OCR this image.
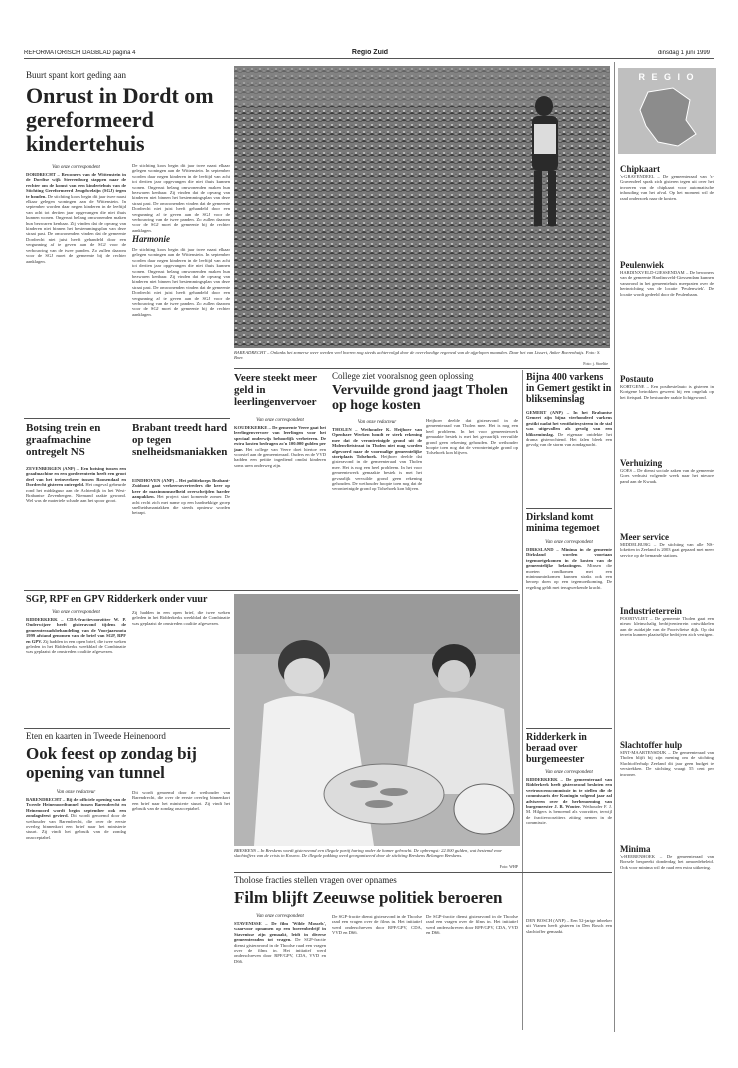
REFORMATORISCH DAGBLAD pagina 4	Regio Zuid	dinsdag 1 juni 1999
Buurt spant kort geding aan
Onrust in Dordt om gereformeerd kindertehuis
Van onze correspondent
DORDRECHT – Bewoners van de Wittenstein in de Dordtse wijk Sterrenburg stappen naar de rechter om de komst van een kindertehuis van de Stichting Gereformeerd Jeugdwelzijn (SGJ) tegen te houden. De stichting koos begin dit jaar twee naast elkaar gelegen woningen aan de Wittenstein. In september worden daar negen kinderen in de leeftijd van acht tot dertien jaar opgevangen die niet thuis kunnen wonen. Ongerust belang omwonenden maken hun bezwaren kenbaar. Zij vinden dat de opvang van kinderen niet binnen het bestemmingsplan van deze straat past. De omwonenden vinden dat de gemeente Dordrecht niet juist heeft gehandeld door een vergunning af te geven aan de SGJ voor de verbouwing van de twee panden. Zo zullen daarom voor de SGJ moet de gemeente bij de rechter aanklagen.
De stichting koos begin dit jaar twee naast elkaar gelegen woningen aan de Wittenstein. In september worden daar negen kinderen in de leeftijd van acht tot dertien jaar opgevangen die niet thuis kunnen wonen. Ongerust belang omwonenden maken hun bezwaren kenbaar. Zij vinden dat de opvang van kinderen niet binnen het bestemmingsplan van deze straat past. De omwonenden vinden dat de gemeente Dordrecht niet juist heeft gehandeld door een vergunning af te geven aan de SGJ voor de verbouwing van de twee panden. Zo zullen daarom voor de SGJ moet de gemeente bij de rechter aanklagen.
Harmonie
De stichting koos begin dit jaar twee naast elkaar gelegen woningen aan de Wittenstein. In september worden daar negen kinderen in de leeftijd van acht tot dertien jaar opgevangen die niet thuis kunnen wonen. Ongerust belang omwonenden maken hun bezwaren kenbaar. Zij vinden dat de opvang van kinderen niet binnen het bestemmingsplan van deze straat past. De omwonenden vinden dat de gemeente Dordrecht niet juist heeft gehandeld door een vergunning af te geven aan de SGJ voor de verbouwing van de twee panden. Zo zullen daarom voor de SGJ moet de gemeente bij de rechter aanklagen.
BAREADRECHT – Onlanks het zomerse weer werden veel boeren nog steeds achtervolgd door de overvloedige regenval van de afgelopen maanden. Daar het van Lissert, Anker Boerenhuijs. Foto: S. Boer.
Foto: j. Stoeltie
R E G I O
Chipkaart
's-GRAVENDEEL – De gemeenteraad van 's-Gravendeel sprak zich gisteren tegen uit over het invoeren van de chipkaart voor automatische inhouding van het afval. Op het moment wil de raad onderzoek naar de kosten.
Peulenwiek
HARDINXVELD-GIESSENDAM – De bewoners van de gemeente Hardinxveld-Giessendam kunnen vanavond in het gemeentehuis meepraten over de herinrichting van de locatie 'Peulenwiek'. De locatie wordt gedeeld door de Peulenbaan.
Postauto
KORTGENE – Een postbestelauto is gisteren in Kortgene betrokken geweest bij een ongeluk op het fietspad. De bestuurder raakte lichtgewond.
Verhuizing
GOES – De dienst sociale zaken van de gemeente Goes verhuist volgende week naar het nieuwe pand aan de Kwaak.
Meer service
MIDDELBURG – De stichting van alle NS-loketten in Zeeland is 2003 gaat gepaard met meer service op de bemande stations.
Industrieterrein
POORTVLIET – De gemeente Tholen gaat een nieuw kleinschalig bedrijventerrein ontwikkelen aan de zuidzijde van de Poortvlietse dijk. Op dat terrein kunnen plaatselijke bedrijven zich vestigen.
Slachtoffer hulp
SINT-MAARTENSDIJK – De gemeenteraad van Tholen blijft bij zijn mening om de stichting Slachtofferhulp Zeeland dit jaar geen budget te verstrekken. De stichting vraagt 55 cent per inwoner.
Minima
's-HEERENHOEK – De gemeenteraad van Borsele bespreekt donderdag het armoedebeleid. Ook voor minima wil de raad een extra uitkering.
Veere steekt meer geld in leerlingenvervoer
Van onze correspondent
KOUDEKERKE – De gemeente Veere gaat het leerlingenvervoer van leerlingen voor het speciaal onderwijs behoorlijk verbeteren. De extra kosten bedragen zo'n 100.000 gulden per jaar. Het college van Veere doet hiertoe een voorstel aan de gemeenteraad. Ouders en de VVD hadden een petitie ingediend omdat kinderen soms uren onderweg zijn.
College ziet vooralsnog geen oplossing
Vervuilde grond jaagt Tholen op hoge kosten
Van onze redacteur
THOLEN – Wethouder K. Heijboer van Openbare Werken houdt er sterk rekening mee dat de verontreinigde grond uit de Molenvlietstraat in Tholen niet mag worden afgevoerd naar de voormalige gemeentelijke stortplaats Tolsehoek. Heijboer deelde dat gisteravond in de gemeenteraad van Tholen mee. Het is nog een heel probleem. In het voor gemeentewerk gemaakte bestek is met het gevaarlijk vervuilde grond geen rekening gehouden. De wethouder hoopte toen nog dat de verontreinigde grond op Tolsehoek kon blijven.
Heijboer deelde dat gisteravond in de gemeenteraad van Tholen mee. Het is nog een heel probleem. In het voor gemeentewerk gemaakte bestek is met het gevaarlijk vervuilde grond geen rekening gehouden. De wethouder hoopte toen nog dat de verontreinigde grond op Tolsehoek kon blijven.
Bijna 400 varkens in Gemert gestikt in blikseminslag
GEMERT (ANP) – In het Brabantse Gemert zijn bijna vierhonderd varkens gestikt nadat het ventilatiesysteem in de stal was uitgevallen als gevolg van een blikseminslag. De eigenaar ontdekte het drama gisterochtend. Het falen bleek een gevolg van de storm van zondagnacht.
Dirksland komt minima tegemoet
Van onze correspondent
DIRKSLAND – Minima in de gemeente Dirksland worden voortaan tegemoetgekomen in de kosten van de gemeentelijke belastingen. Minsen die moeten rondkomen met een minimuminkomen kunnen straks ook een beroep doen op een tegemoetkoming. De regeling geldt met terugwerkende kracht.
Ridderkerk in beraad over burgemeester
Van onze correspondent
RIDDERKERK – De gemeenteraad van Ridderkerk heeft gisteravond besloten een vertrouwenscommissie in te stellen die de commissaris der Koningin volgend jaar zal adviseren over de herbenoeming van burgemeester J. B. Wouter. Wethouder F. J. M. Hilgers is benoemd als voorzitter, terwijl de fractievoorzitters zitting nemen in de commissie.
Botsing trein en graafmachine ontregelt NS
ZEVENBERGEN (ANP) – Een botsing tussen een graafmachine en een goederentrein heeft een groot deel van het treinverkeer tussen Roosendaal en Dordrecht gisteren ontregeld. Het ongeval gebeurde rond het middaguur aan de Achterdijk in het West-Brabantse Zevenbergen. Niemand raakte gewond. Wel was de materiele schade aan het spoor groot.
Brabant treedt hard op tegen snelheidsmaniakken
EINDHOVEN (ANP) – Het politiekorps Brabant-Zuidoost gaat verkeersovertreders die keer op keer de maximumsnelheid overschrijden harder aanpakken. Het project start komende zomer. De acht recht zich met name op een hardnekkige groep snelheidsmaniakken die steeds opnieuw worden betrapt.
SGP, RPF en GPV Ridderkerk onder vuur
Van onze correspondent
RIDDERKERK – CDA-fractievoorzitter W. P. Onderwijzer heeft gisteravond tijdens de gemeenteraadsbehandeling van de Voorjaarsnota 1999 afstand genomen van de brief van SGP, RPF en GPV. Zij hadden in een open brief, die twee weken geleden in het Ridderkerks weekblad de Combinatie was geplaatst de omstreden coalitie afgewezen.
Zij hadden in een open brief, die twee weken geleden in het Ridderkerks weekblad de Combinatie was geplaatst de omstreden coalitie afgewezen.
BRESKENS – In Breskens wordt gisteravond een illegale partij haring onder de hamer gebracht. De opbrengst: 22.000 gulden, wat bestemd voor slachtoffers van de crisis in Kosovo. De illegale pakking werd georganiseerd door de stichting Breskens Belangen Breskens.
Foto: WHP
Eten en kaarten in Tweede Heinenoord
Ook feest op zondag bij opening van tunnel
Van onze redacteur
BARENDRECHT – Bij de officiele opening van de Tweede Heinenoordtunnel tussen Barendrecht en Heinenoord wordt begin september ook een zondagsfeest gevierd. Dit wordt genoemd door de wethouder van Barendrecht, die over de eerste overleg binnenkort een brief naar het ministerie stuurt. Zij vindt het gebruik van de zondag onacceptabel.
Dit wordt genoemd door de wethouder van Barendrecht, die over de eerste overleg binnenkort een brief naar het ministerie stuurt. Zij vindt het gebruik van de zondag onacceptabel.
Tholose fracties stellen vragen over opnames
Film blijft Zeeuwse politiek beroeren
Van onze correspondent
STAVENISSE – De film 'Wilde Mossels', waarvoor opnamen op een boerenbedrijf in Stavenisse zijn gemaakt, leidt in diverse gemeenteraden tot vragen. De SGP-fractie dienst gisteravond in de Thoolse raad een vragen over de films in. Het initiatief werd onderschreven door RPF/GPV, CDA, VVD en D66.
De SGP-fractie dienst gisteravond in de Thoolse raad een vragen over de films in. Het initiatief werd onderschreven door RPF/GPV, CDA, VVD en D66.
De SGP-fractie dienst gisteravond in de Thoolse raad een vragen over de films in. Het initiatief werd onderschreven door RPF/GPV, CDA, VVD en D66.
DEN BOSCH (ANP) – Een 52-jarige inbreker uit Vianen heeft gisteren in Den Bosch een slachtoffer gemaakt.
